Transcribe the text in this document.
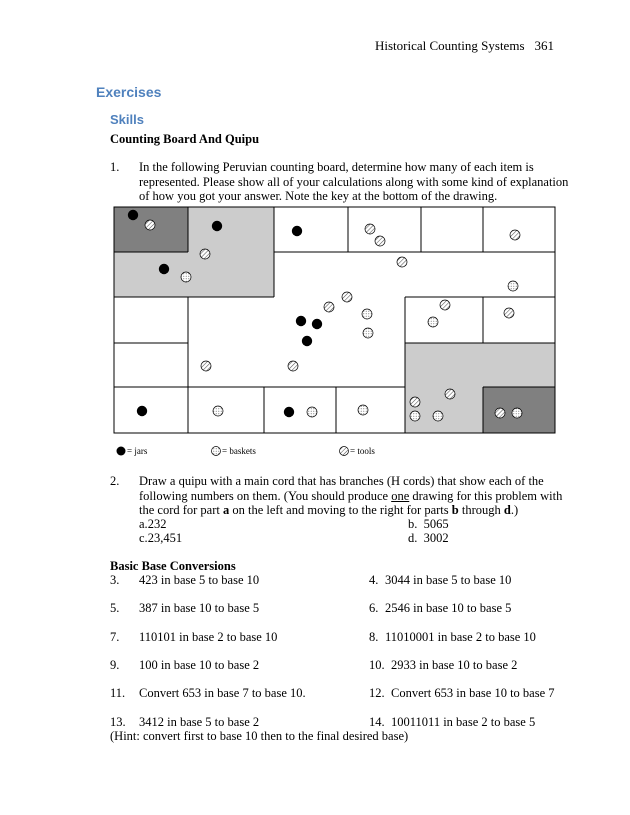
Historical Counting Systems 361
Exercises
Skills
Counting Board And Quipu
1. In the following Peruvian counting board, determine how many of each item is
represented. Please show all of your calculations along with some kind of explanation
of how you got your answer. Note the key at the bottom of the drawing.
= jars	= baskets	= tools
2. Draw a quipu with a main cord that has branches (H cords) that show each of the
following numbers on them. (You should produce one drawing for this problem with
the cord for part a on the left and moving to the right for parts b through d.)
a.232	b. 5065
c.23,451	d. 3002
Basic Base Conversions
3. 423 in base 5 to base 10	4. 3044 in base 5 to base 10
5. 387 in base 10 to base 5	6. 2546 in base 10 to base 5
7. 110101 in base 2 to base 10	8. 11010001 in base 2 to base 10
9. 100 in base 10 to base 2	10. 2933 in base 10 to base 2
11. Convert 653 in base 7 to base 10.	12. Convert 653 in base 10 to base 7
13. 3412 in base 5 to base 2	14. 10011011 in base 2 to base 5
(Hint: convert first to base 10 then to the final desired base)
